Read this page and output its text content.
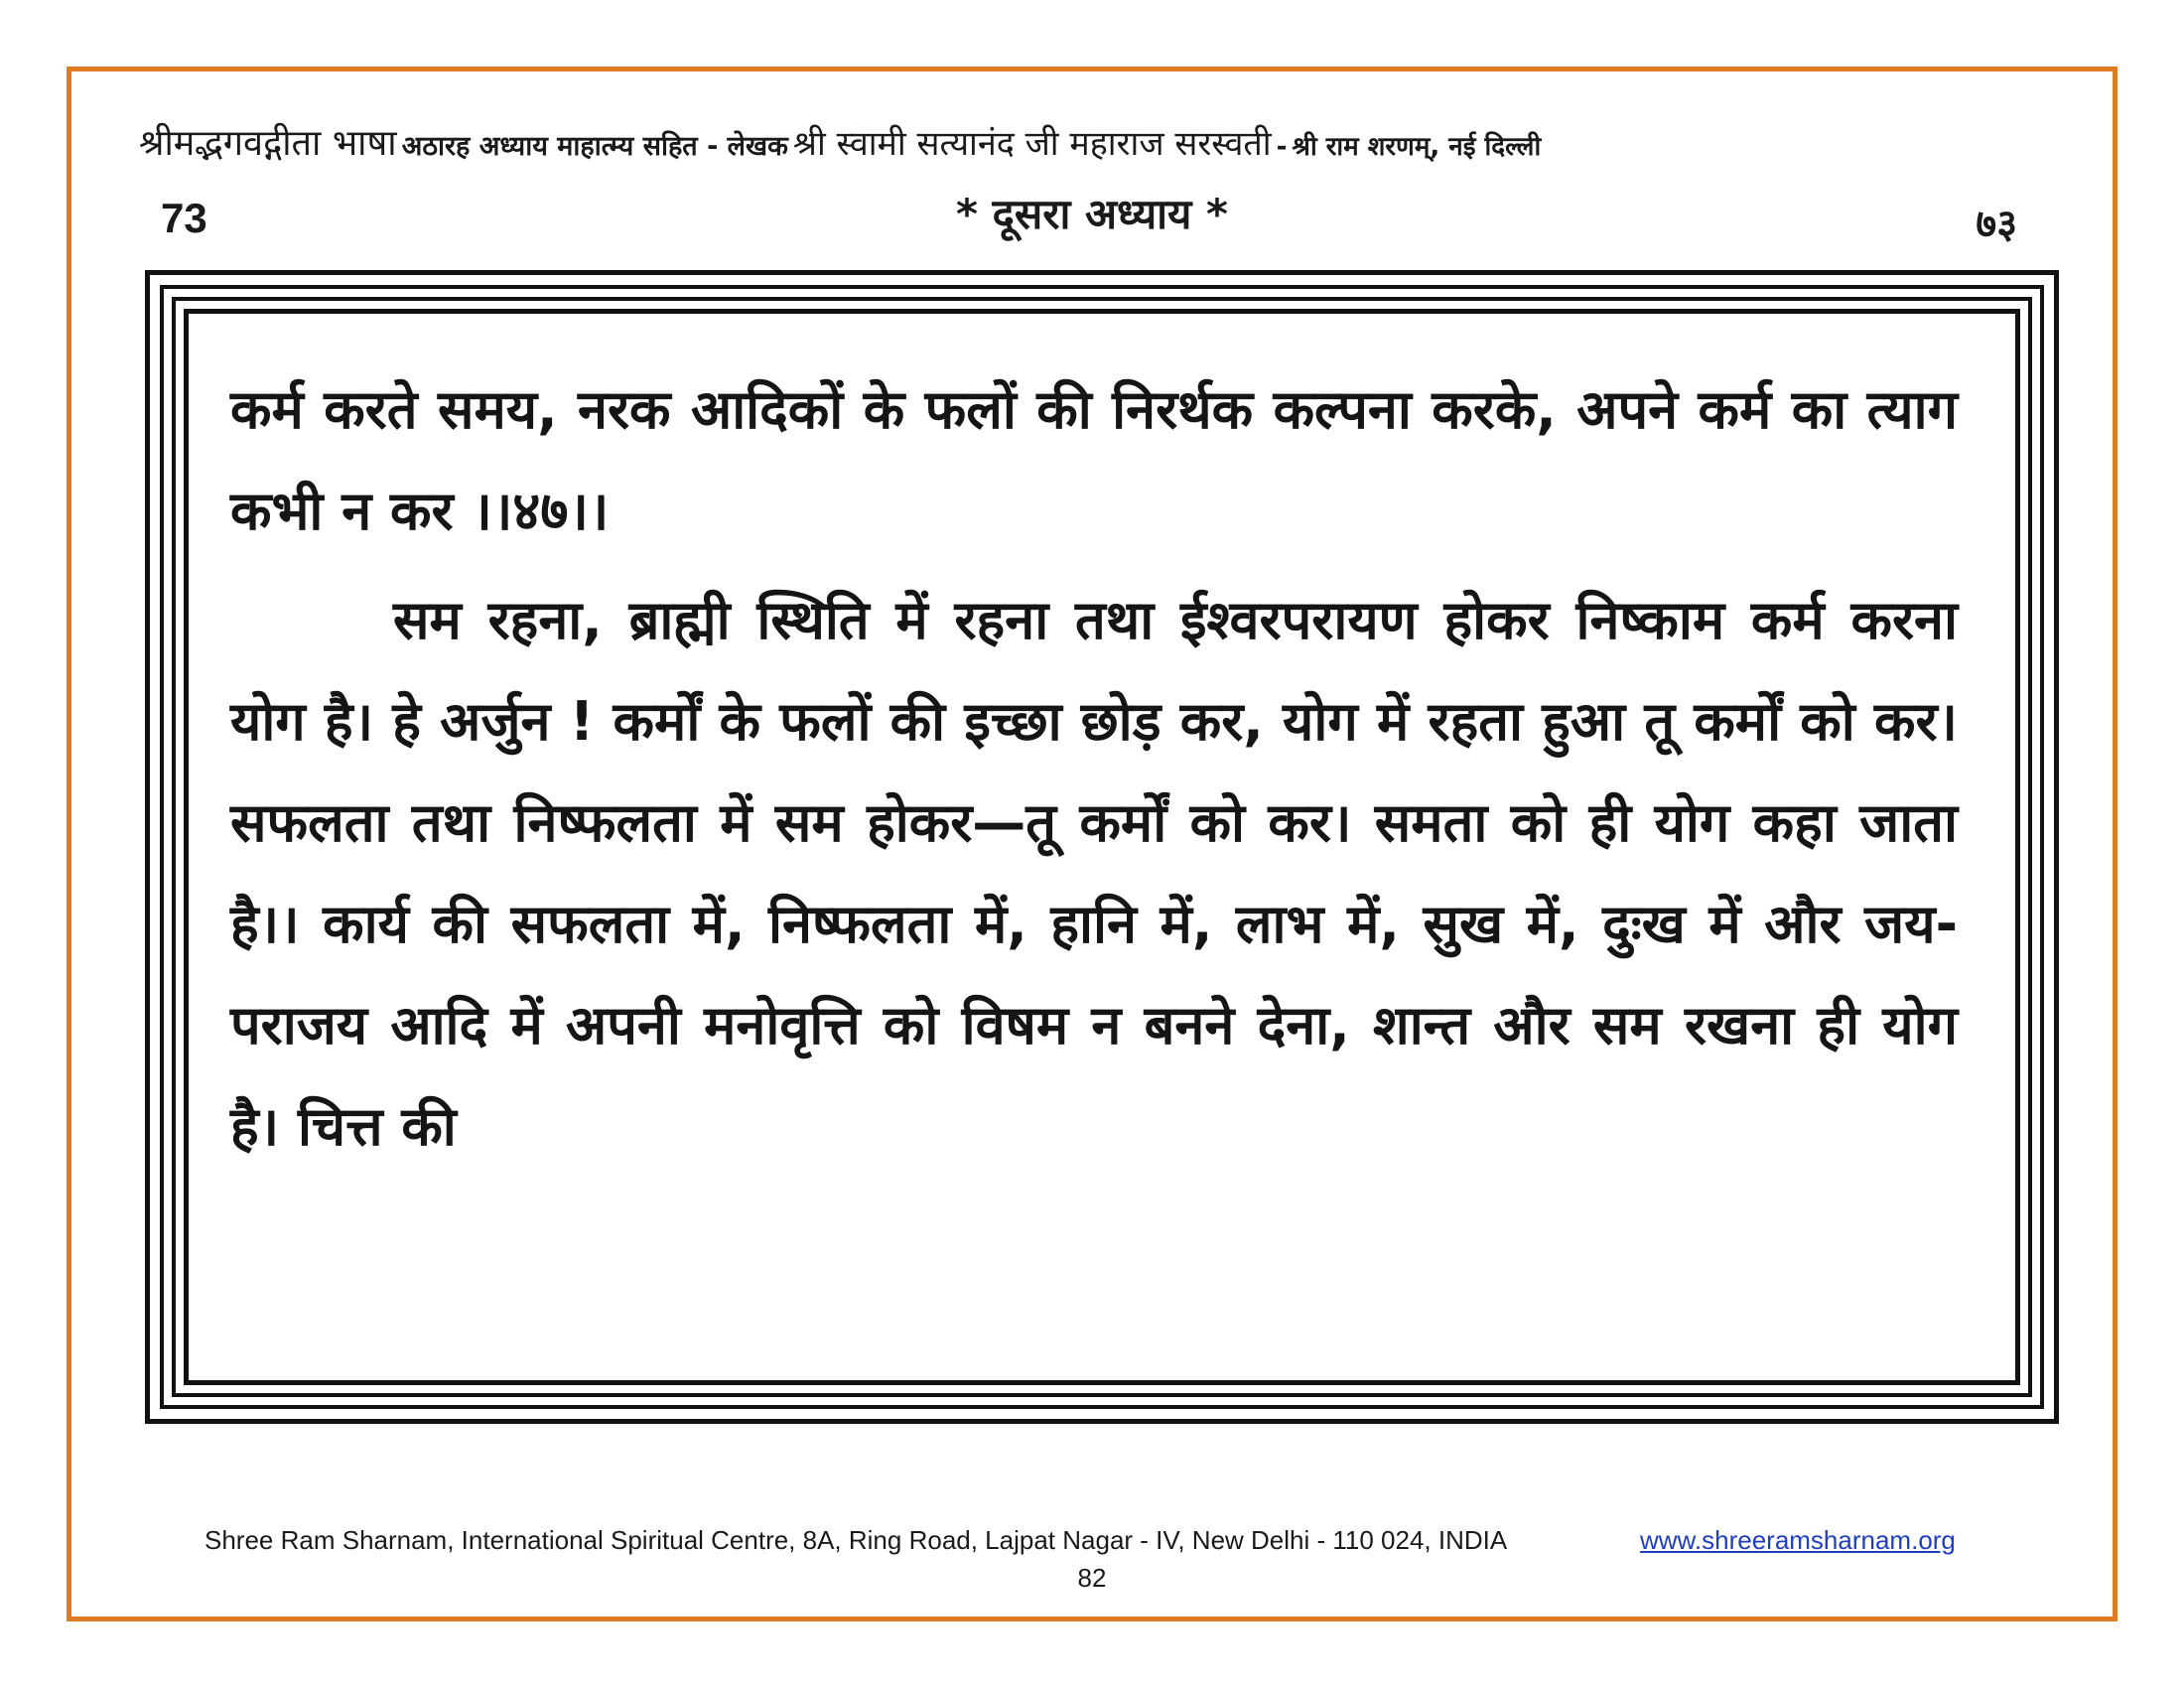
श्रीमद्भगवद्गीता भाषा अठारह अध्याय माहात्म्य सहित - लेखक श्री स्वामी सत्यानंद जी महाराज सरस्वती - श्री राम शरणम्, नई दिल्ली
73	* दूसरा अध्याय *	७३

कर्म करते समय, नरक आदिकों के फलों की निरर्थक कल्पना करके, अपने कर्म का त्याग कभी न कर ।।४७।।

सम रहना, ब्राह्मी स्थिति में रहना तथा ईश्वरपरायण होकर निष्काम कर्म करना योग है। हे अर्जुन ! कर्मों के फलों की इच्छा छोड़ कर, योग में रहता हुआ तू कर्मों को कर। सफलता तथा निष्फलता में सम होकर—तू कर्मों को कर। समता को ही योग कहा जाता है।। कार्य की सफलता में, निष्फलता में, हानि में, लाभ में, सुख में, दुःख में और जय-पराजय आदि में अपनी मनोवृत्ति को विषम न बनने देना, शान्त और सम रखना ही योग है। चित्त की

Shree Ram Sharnam, International Spiritual Centre, 8A, Ring Road, Lajpat Nagar - IV, New Delhi - 110 024, INDIA	www.shreeramsharnam.org
82
